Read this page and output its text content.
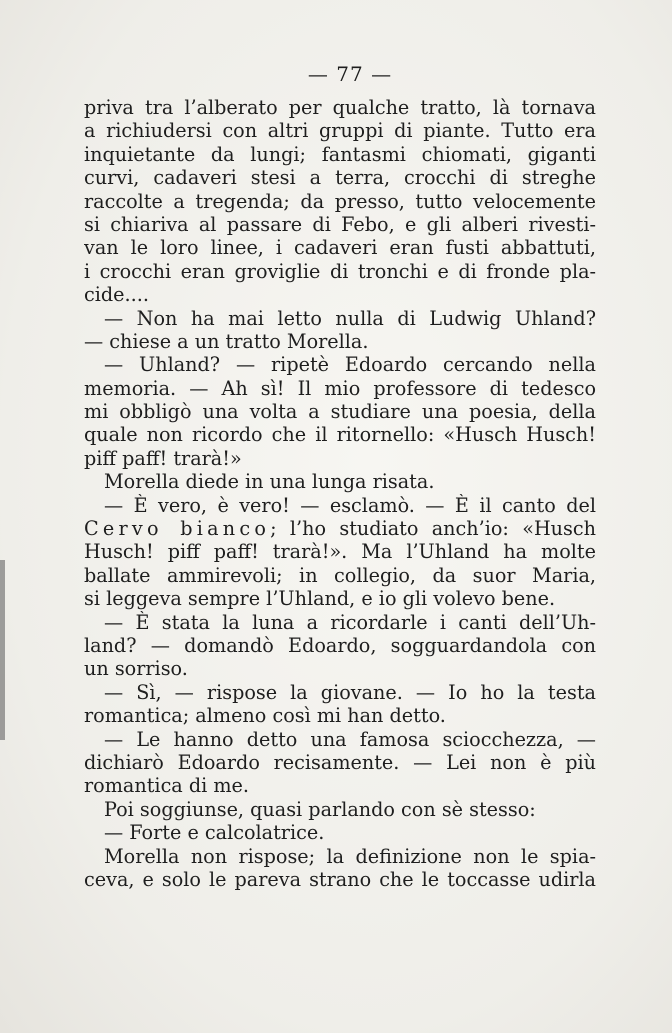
— 77 —
priva tra l’alberato per qualche tratto, là tornava
a richiudersi con altri gruppi di piante. Tutto era
inquietante da lungi; fantasmi chiomati, giganti
curvi, cadaveri stesi a terra, crocchi di streghe
raccolte a tregenda; da presso, tutto velocemente
si chiariva al passare di Febo, e gli alberi rivesti-
van le loro linee, i cadaveri eran fusti abbattuti,
i crocchi eran groviglie di tronchi e di fronde pla-
cide....
— Non ha mai letto nulla di Ludwig Uhland?
— chiese a un tratto Morella.
— Uhland? — ripetè Edoardo cercando nella
memoria. — Ah sì! Il mio professore di tedesco
mi obbligò una volta a studiare una poesia, della
quale non ricordo che il ritornello: «Husch Husch!
piff paff! trarà!»
Morella diede in una lunga risata.
— È vero, è vero! — esclamò. — È il canto del
Cervo bianco; l’ho studiato anch’io: «Husch
Husch! piff paff! trarà!». Ma l’Uhland ha molte
ballate ammirevoli; in collegio, da suor Maria,
si leggeva sempre l’Uhland, e io gli volevo bene.
— È stata la luna a ricordarle i canti dell’Uh-
land? — domandò Edoardo, sogguardandola con
un sorriso.
— Sì, — rispose la giovane. — Io ho la testa
romantica; almeno così mi han detto.
— Le hanno detto una famosa sciocchezza, —
dichiarò Edoardo recisamente. — Lei non è più
romantica di me.
Poi soggiunse, quasi parlando con sè stesso:
— Forte e calcolatrice.
Morella non rispose; la definizione non le spia-
ceva, e solo le pareva strano che le toccasse udirla
